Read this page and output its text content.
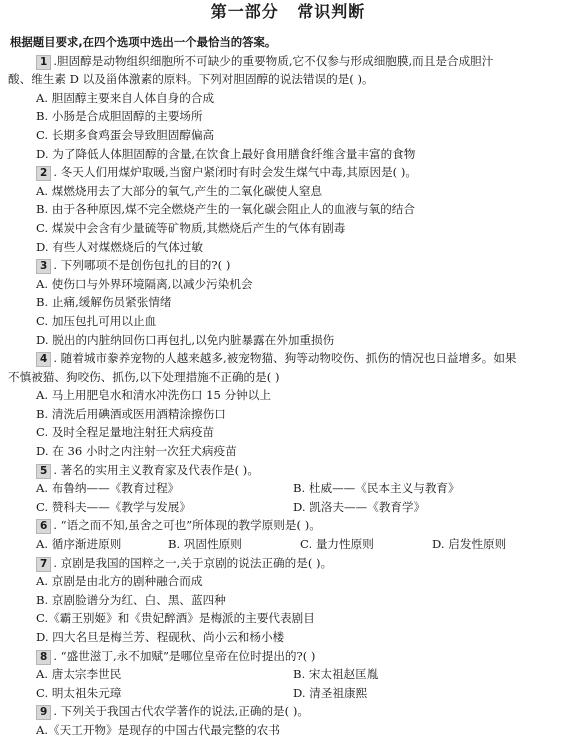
第一部分 常识判断
根据题目要求,在四个选项中选出一个最恰当的答案。
1 .胆固醇是动物组织细胞所不可缺少的重要物质,它不仅参与形成细胞膜,而且是合成胆汁
酸、维生素 D 以及甾体激素的原料。下列对胆固醇的说法错误的是( )。
A. 胆固醇主要来自人体自身的合成
B. 小肠是合成胆固醇的主要场所
C. 长期多食鸡蛋会导致胆固醇偏高
D. 为了降低人体胆固醇的含量,在饮食上最好食用膳食纤维含量丰富的食物
2 . 冬天人们用煤炉取暖,当窗户紧闭时有时会发生煤气中毒,其原因是( )。
A. 煤燃烧用去了大部分的氧气,产生的二氧化碳使人窒息
B. 由于各种原因,煤不完全燃烧产生的一氧化碳会阻止人的血液与氧的结合
C. 煤炭中会含有少量硫等矿物质,其燃烧后产生的气体有剧毒
D. 有些人对煤燃烧后的气体过敏
3 . 下列哪项不是创伤包扎的目的?( )
A. 使伤口与外界环境隔离,以减少污染机会
B. 止痛,缓解伤员紧张情绪
C. 加压包扎可用以止血
D. 脱出的内脏纳回伤口再包扎,以免内脏暴露在外加重损伤
4 . 随着城市豢养宠物的人越来越多,被宠物猫、狗等动物咬伤、抓伤的情况也日益增多。如果
不慎被猫、狗咬伤、抓伤,以下处理措施不正确的是( )
A. 马上用肥皂水和清水冲洗伤口 15 分钟以上
B. 清洗后用碘酒或医用酒精涂擦伤口
C. 及时全程足量地注射狂犬病疫苗
D. 在 36 小时之内注射一次狂犬病疫苗
5 . 著名的实用主义教育家及代表作是( )。
A. 布鲁纳——《教育过程》	B. 杜威——《民本主义与教育》
C. 赞科夫——《教学与发展》	D. 凯洛夫——《教育学》
6 . “语之而不知,虽舍之可也”所体现的教学原则是( )。
A. 循序渐进原则	B. 巩固性原则	C. 量力性原则	D. 启发性原则
7 . 京剧是我国的国粹之一,关于京剧的说法正确的是( )。
A. 京剧是由北方的剧种融合而成
B. 京剧脸谱分为红、白、黑、蓝四种
C.《霸王别姬》和《贵妃醉酒》是梅派的主要代表剧目
D. 四大名旦是梅兰芳、程砚秋、尚小云和杨小楼
8 . “盛世滋丁,永不加赋”是哪位皇帝在位时提出的?( )
A. 唐太宗李世民	B. 宋太祖赵匡胤
C. 明太祖朱元璋	D. 清圣祖康熙
9 . 下列关于我国古代农学著作的说法,正确的是( )。
A.《天工开物》是现存的中国古代最完整的农书
